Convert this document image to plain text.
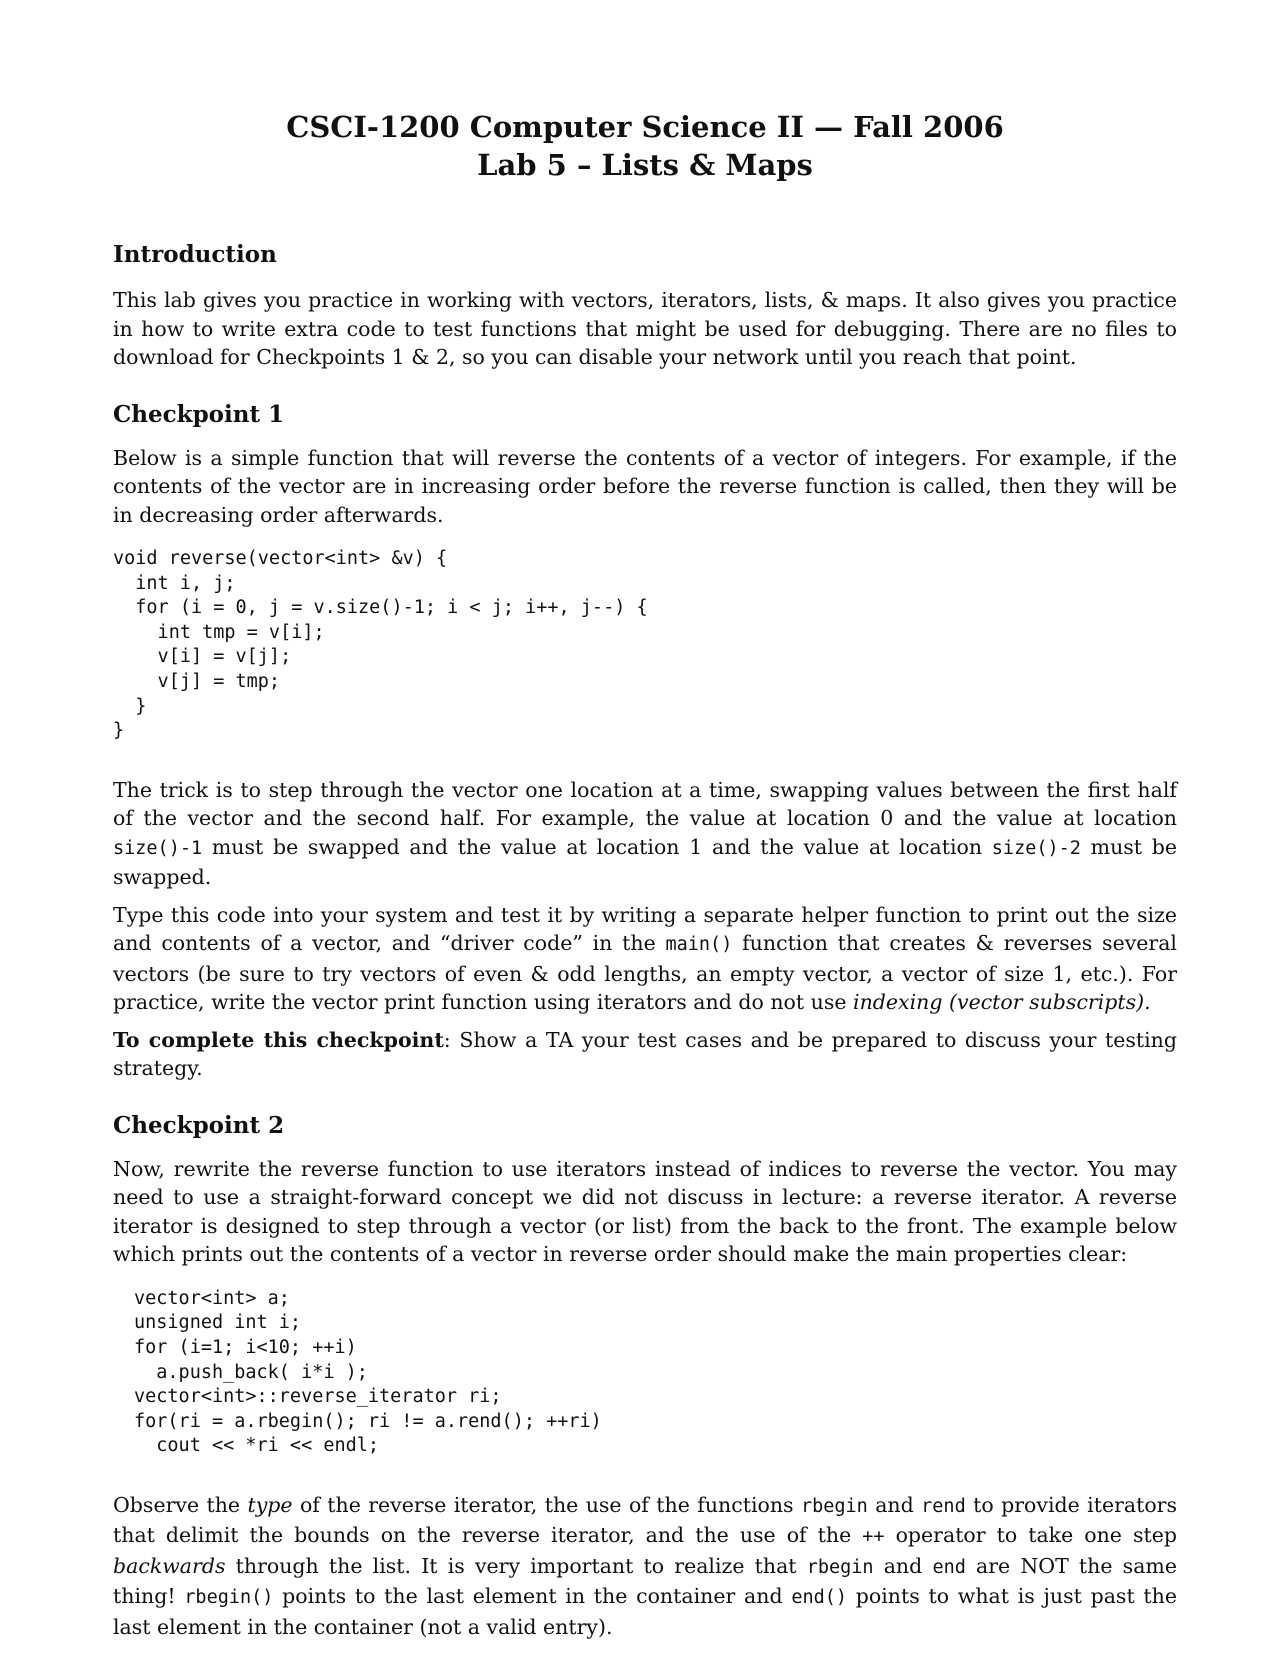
CSCI-1200 Computer Science II — Fall 2006
Lab 5 – Lists & Maps
Introduction

This lab gives you practice in working with vectors, iterators, lists, & maps. It also gives you practice in how to write extra code to test functions that might be used for debugging. There are no files to download for Checkpoints 1 & 2, so you can disable your network until you reach that point.

Checkpoint 1

Below is a simple function that will reverse the contents of a vector of integers. For example, if the contents of the vector are in increasing order before the reverse function is called, then they will be in decreasing order afterwards.

void reverse(vector<int> &v) {
int i, j;
for (i = 0, j = v.size()-1; i < j; i++, j--) {
int tmp = v[i];
v[i] = v[j];
v[j] = tmp;
}
}

The trick is to step through the vector one location at a time, swapping values between the first half of the vector and the second half. For example, the value at location 0 and the value at location size()-1 must be swapped and the value at location 1 and the value at location size()-2 must be swapped.

Type this code into your system and test it by writing a separate helper function to print out the size and contents of a vector, and “driver code” in the main() function that creates & reverses several vectors (be sure to try vectors of even & odd lengths, an empty vector, a vector of size 1, etc.). For practice, write the vector print function using iterators and do not use indexing (vector subscripts).

To complete this checkpoint: Show a TA your test cases and be prepared to discuss your testing strategy.

Checkpoint 2

Now, rewrite the reverse function to use iterators instead of indices to reverse the vector. You may need to use a straight-forward concept we did not discuss in lecture: a reverse iterator. A reverse iterator is designed to step through a vector (or list) from the back to the front. The example below which prints out the contents of a vector in reverse order should make the main properties clear:

vector<int> a;
unsigned int i;
for (i=1; i<10; ++i)
a.push_back( i*i );
vector<int>::reverse_iterator ri;
for(ri = a.rbegin(); ri != a.rend(); ++ri)
cout << *ri << endl;

Observe the type of the reverse iterator, the use of the functions rbegin and rend to provide iterators that delimit the bounds on the reverse iterator, and the use of the ++ operator to take one step backwards through the list. It is very important to realize that rbegin and end are NOT the same thing! rbegin() points to the last element in the container and end() points to what is just past the last element in the container (not a valid entry).
